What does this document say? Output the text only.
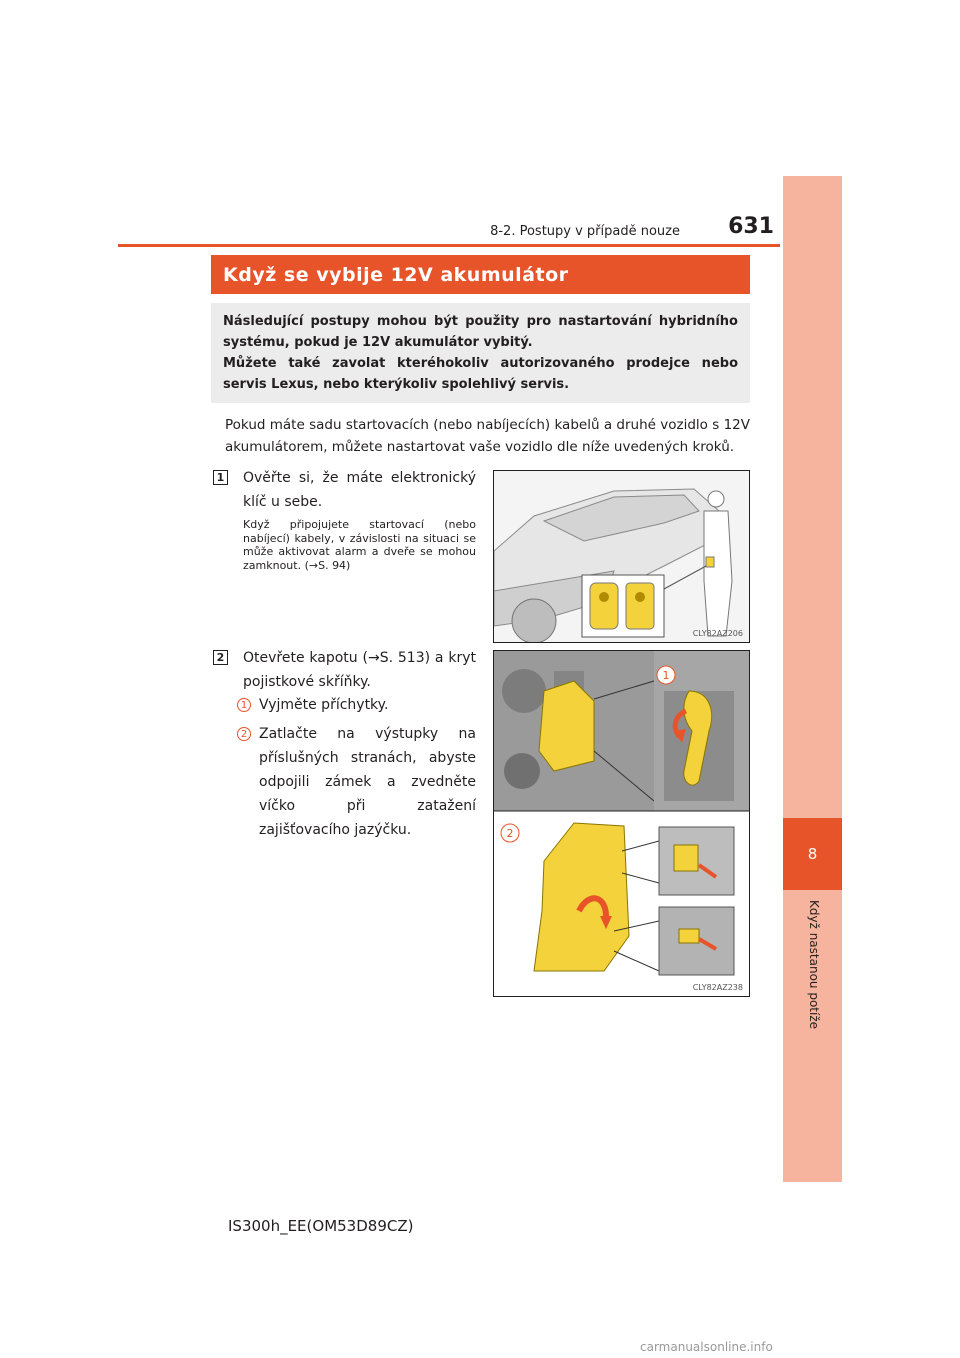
8
Když nastanou potíže
8-2. Postupy v případě nouze	631
Když se vybije 12V akumulátor

Následující postupy mohou být použity pro nastartování hybridního systému, pokud je 12V akumulátor vybitý.

Můžete také zavolat kteréhokoliv autorizovaného prodejce nebo servis Lexus, nebo kterýkoliv spolehlivý servis.

Pokud máte sadu startovacích (nebo nabíjecích) kabelů a druhé vozidlo s 12V akumulátorem, můžete nastartovat vaše vozidlo dle níže uvedených kroků.
1 Ověřte si, že máte elektronický klíč u sebe.
Když připojujete startovací (nebo nabíjecí) kabely, v závislosti na situaci se může aktivovat alarm a dveře se mohou zamknout. (→S. 94)
CLY82AZ206
2 Otevřete kapotu (→S. 513) a kryt pojistkové skříňky.
1 Vyjměte příchytky.
2 Zatlačte na výstupky na příslušných stranách, abyste odpojili zámek a zvedněte víčko při zatažení zajišťovacího jazýčku.
1
2
CLY82AZ238
IS300h_EE(OM53D89CZ)
carmanualsonline.info
